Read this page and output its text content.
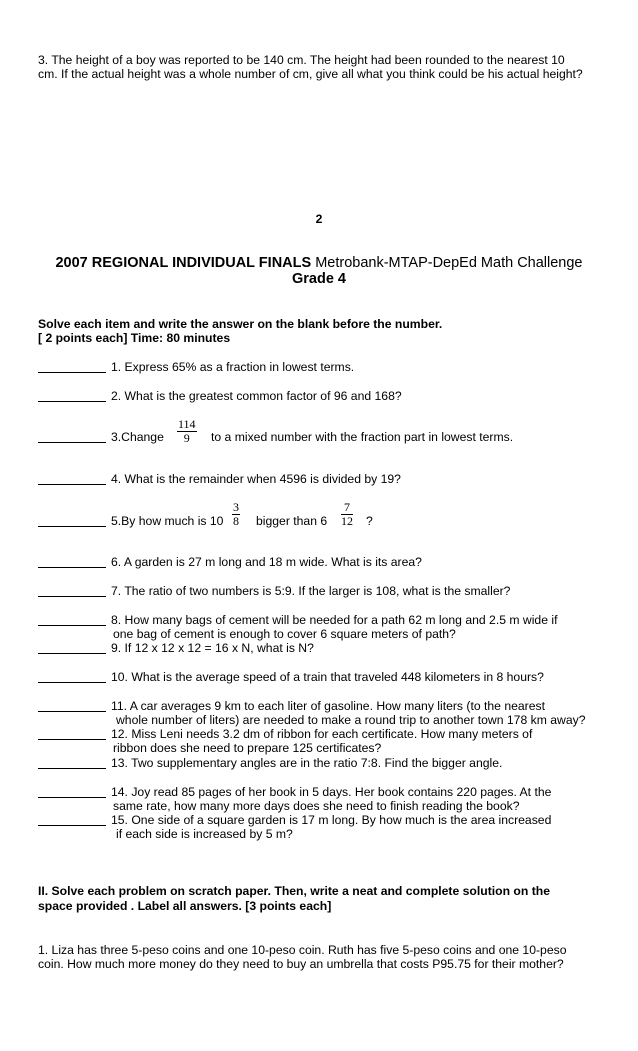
3. The height of a boy was reported to be 140 cm. The height had been rounded to the nearest 10
cm. If the actual height was a whole number of cm, give all what you think could be his actual height?
2
2007 REGIONAL INDIVIDUAL FINALS Metrobank-MTAP-DepEd Math Challenge
Grade 4
Solve each item and write the answer on the blank before the number.
[ 2 points each] Time: 80 minutes
1. Express 65% as a fraction in lowest terms.
2. What is the greatest common factor of 96 and 168?
3.Change $\frac{114}{9}$ to a mixed number with the fraction part in lowest terms.
4. What is the remainder when 4596 is divided by 19?
5.By how much is $10 \frac{3}{8}$ bigger than $6 \frac{7}{12}$ ?
6. A garden is 27 m long and 18 m wide. What is its area?
7. The ratio of two numbers is 5:9. If the larger is 108, what is the smaller?
8. How many bags of cement will be needed for a path 62 m long and 2.5 m wide if
one bag of cement is enough to cover 6 square meters of path?
9. If 12 x 12 x 12 = 16 x N, what is N?
10. What is the average speed of a train that traveled 448 kilometers in 8 hours?
11. A car averages 9 km to each liter of gasoline. How many liters (to the nearest
whole number of liters) are needed to make a round trip to another town 178 km away?
12. Miss Leni needs 3.2 dm of ribbon for each certificate. How many meters of
ribbon does she need to prepare 125 certificates?
13. Two supplementary angles are in the ratio 7:8. Find the bigger angle.
14. Joy read 85 pages of her book in 5 days. Her book contains 220 pages. At the
same rate, how many more days does she need to finish reading the book?
15. One side of a square garden is 17 m long. By how much is the area increased
if each side is increased by 5 m?
II. Solve each problem on scratch paper. Then, write a neat and complete solution on the
space provided . Label all answers. [3 points each]
1. Liza has three 5-peso coins and one 10-peso coin. Ruth has five 5-peso coins and one 10-peso
coin. How much more money do they need to buy an umbrella that costs P95.75 for their mother?
